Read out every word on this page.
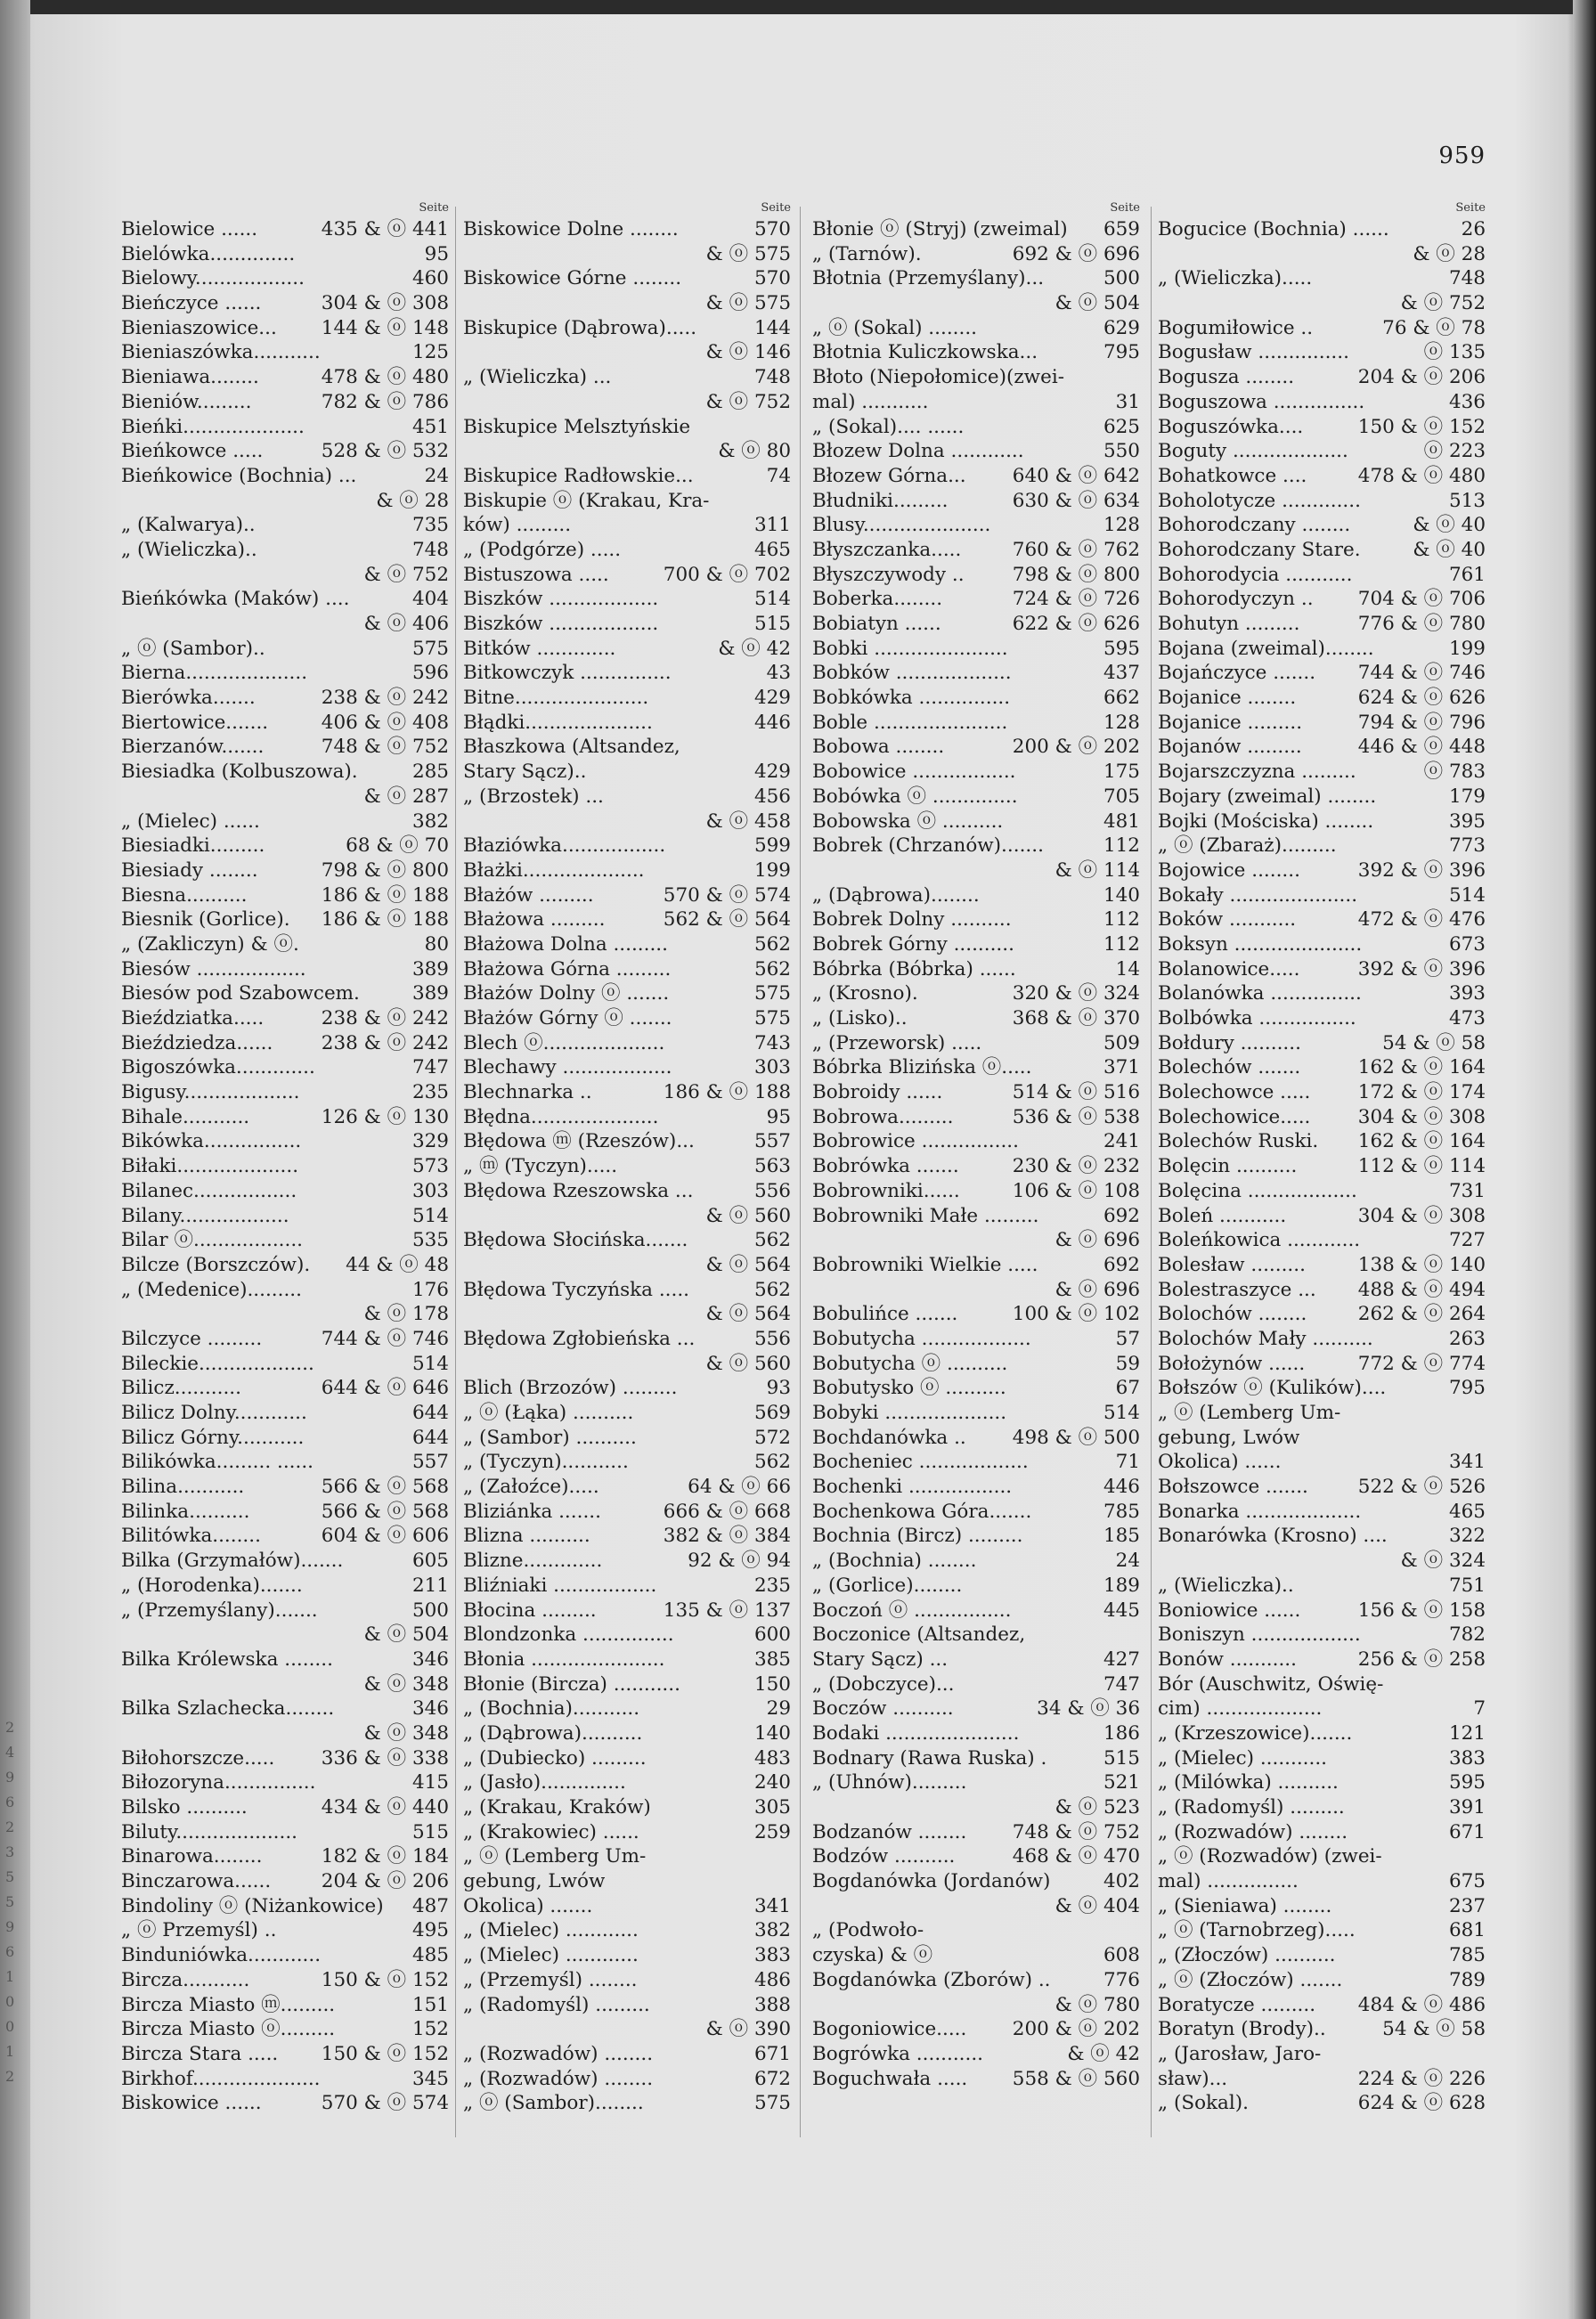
959
2
4
9
6
2
3
5
5
9
6
1
0
0
1
2
Seite
Bielowice ......	435 & ⓞ 441
Bielówka..............	95
Bielowy..................	460
Bieńczyce ......	304 & ⓞ 308
Bieniaszowice... 144 & ⓞ 148
Bieniaszówka...........	125
Bieniawa........	478 & ⓞ 480
Bieniów.........	782 & ⓞ 786
Bieńki....................	451
Bieńkowce .....	528 & ⓞ 532
Bieńkowice (Bochnia) ...	24
& ⓞ 28
„ (Kalwarya)..	735
„ (Wieliczka)..	748
& ⓞ 752
Bieńkówka (Maków) ....	404
& ⓞ 406
„ ⓞ (Sambor)..	575
Bierna....................	596
Bierówka.......	238 & ⓞ 242
Biertowice.......	406 & ⓞ 408
Bierzanów.......	748 & ⓞ 752
Biesiadka (Kolbuszowa).	285
& ⓞ 287
„ (Mielec) ......	382
Biesiadki.........	68 & ⓞ 70
Biesiady ........	798 & ⓞ 800
Biesna..........	186 & ⓞ 188
Biesnik (Gorlice). 186 & ⓞ 188
„ (Zakliczyn) & ⓞ.	80
Biesów ..................	389
Biesów pod Szabowcem.	389
Bieździatka.....	238 & ⓞ 242
Bieździedza......	238 & ⓞ 242
Bigoszówka.............	747
Bigusy...................	235
Bihale...........	126 & ⓞ 130
Bikówka................	329
Biłaki....................	573
Bilanec.................	303
Bilany..................	514
Bilar ⓞ..................	535
Bilcze (Borszczów). 44 & ⓞ 48
„ (Medenice).........	176
& ⓞ 178
Bilczyce .........	744 & ⓞ 746
Bileckie...................	514
Bilicz...........	644 & ⓞ 646
Bilicz Dolny............	644
Bilicz Górny...........	644
Bilikówka......... ......	557
Bilina...........	566 & ⓞ 568
Bilinka..........	566 & ⓞ 568
Bilitówka........	604 & ⓞ 606
Bilka (Grzymałów).......	605
„ (Horodenka).......	211
„ (Przemyślany).......	500
& ⓞ 504
Bilka Królewska ........	346
& ⓞ 348
Bilka Szlachecka........	346
& ⓞ 348
Biłohorszcze..... 336 & ⓞ 338
Biłozoryna...............	415
Bilsko ..........	434 & ⓞ 440
Biluty....................	515
Binarowa........	182 & ⓞ 184
Binczarowa......	204 & ⓞ 206
Bindoliny ⓞ (Niżankowice) 487
„ ⓞ Przemyśl) ..	495
Binduniówka............	485
Bircza...........	150 & ⓞ 152
Bircza Miasto ⓜ.........	151
Bircza Miasto ⓞ.........	152
Bircza Stara ..... 150 & ⓞ 152
Birkhof.....................	345
Biskowice ......	570 & ⓞ 574
Seite
Biskowice Dolne ........	570
& ⓞ 575
Biskowice Górne ........	570
& ⓞ 575
Biskupice (Dąbrowa).....	144
& ⓞ 146
„ (Wieliczka) ...	748
& ⓞ 752
Biskupice Melsztyńskie
& ⓞ 80
Biskupice Radłowskie...	74
Biskupie ⓞ (Krakau, Kra-
ków) .........	311
„ (Podgórze) .....	465
Bistuszowa .....	700 & ⓞ 702
Biszków ..................	514
Biszków ..................	515
Bitków .............	& ⓞ 42
Bitkowczyk ...............	43
Bitne......................	429
Błądki.....................	446
Błaszkowa (Altsandez,
Stary Sącz)..	429
„ (Brzostek) ...	456
& ⓞ 458
Błaziówka.................	599
Błażki....................	199
Błażów .........	570 & ⓞ 574
Błażowa .........	562 & ⓞ 564
Błażowa Dolna .........	562
Błażowa Górna .........	562
Błażów Dolny ⓞ .......	575
Błażów Górny ⓞ .......	575
Blech ⓞ....................	743
Blechawy ..................	303
Blechnarka ..	186 & ⓞ 188
Błędna.....................	95
Błędowa ⓜ (Rzeszów)...	557
„ ⓜ (Tyczyn).....	563
Błędowa Rzeszowska ...	556
& ⓞ 560
Błędowa Słocińska.......	562
& ⓞ 564
Błędowa Tyczyńska .....	562
& ⓞ 564
Błędowa Zgłobieńska ...	556
& ⓞ 560
Blich (Brzozów) .........	93
„ ⓞ (Łąka) ..........	569
„ (Sambor) ..........	572
„ (Tyczyn)...........	562
„ (Załoźce).....	64 & ⓞ 66
Bliziánka .......	666 & ⓞ 668
Blizna ..........	382 & ⓞ 384
Blizne.............	92 & ⓞ 94
Bliźniaki .................	235
Błocina .........	135 & ⓞ 137
Blondzonka ...............	600
Błonia ......................	385
Błonie (Bircza) ...........	150
„ (Bochnia)...........	29
„ (Dąbrowa)..........	140
„ (Dubiecko) .........	483
„ (Jasło)..............	240
„ (Krakau, Kraków)	305
„ (Krakowiec) ......	259
„ ⓞ (Lemberg Um-
gebung, Lwów
Okolica) .......	341
„ (Mielec) ............	382
„ (Mielec) ............	383
„ (Przemyśl) ........	486
„ (Radomyśl) .........	388
& ⓞ 390
„ (Rozwadów) ........	671
„ (Rozwadów) ........	672
„ ⓞ (Sambor)........	575
Seite
Błonie ⓞ (Stryj) (zweimal) 659
„ (Tarnów).	692 & ⓞ 696
Błotnia (Przemyślany)...	500
& ⓞ 504
„ ⓞ (Sokal) ........	629
Błotnia Kuliczkowska...	795
Błoto (Niepołomice)(zwei-
mal) ...........	31
„ (Sokal).... ......	625
Błozew Dolna ............	550
Błozew Górna... 640 & ⓞ 642
Błudniki.........	630 & ⓞ 634
Blusy.....................	128
Błyszczanka.....	760 & ⓞ 762
Błyszczywody ..	798 & ⓞ 800
Boberka........	724 & ⓞ 726
Bobiatyn ......	622 & ⓞ 626
Bobki ......................	595
Bobków ...................	437
Bobkówka ...............	662
Boble ......................	128
Bobowa ........	200 & ⓞ 202
Bobowice .................	175
Bobówka ⓞ ..............	705
Bobowska ⓞ ..........	481
Bobrek (Chrzanów).......	112
& ⓞ 114
„ (Dąbrowa)........	140
Bobrek Dolny ..........	112
Bobrek Górny ..........	112
Bóbrka (Bóbrka) ......	14
„ (Krosno).	320 & ⓞ 324
„ (Lisko)..	368 & ⓞ 370
„ (Przeworsk) .....	509
Bóbrka Blizińska ⓞ.....	371
Bobroidy ......	514 & ⓞ 516
Bobrowa.........	536 & ⓞ 538
Bobrowice ................	241
Bobrówka .......	230 & ⓞ 232
Bobrowniki......	106 & ⓞ 108
Bobrowniki Małe .........	692
& ⓞ 696
Bobrowniki Wielkie .....	692
& ⓞ 696
Bobulińce .......	100 & ⓞ 102
Bobutycha ..................	57
Bobutycha ⓞ ..........	59
Bobutysko ⓞ ..........	67
Bobyki ....................	514
Bochdanówka .. 498 & ⓞ 500
Bocheniec ..................	71
Bochenki .................	446
Bochenkowa Góra.......	785
Bochnia (Bircz) .........	185
„ (Bochnia) ........	24
„ (Gorlice)........	189
Boczoń ⓞ ................	445
Boczonice (Altsandez,
Stary Sącz) ...	427
„ (Dobczyce)...	747
Boczów ..........	34 & ⓞ 36
Bodaki ......................	186
Bodnary (Rawa Ruska) .	515
„ (Uhnów).........	521
& ⓞ 523
Bodzanów ........ 748 & ⓞ 752
Bodzów ..........	468 & ⓞ 470
Bogdanówka (Jordanów)	402
& ⓞ 404
„ (Podwoło-
czyska) & ⓞ	608
Bogdanówka (Zborów) ..	776
& ⓞ 780
Bogoniowice..... 200 & ⓞ 202
Bogrówka ...........	& ⓞ 42
Boguchwała ..... 558 & ⓞ 560
Seite
Bogucice (Bochnia) ......	26
& ⓞ 28
„ (Wieliczka).....	748
& ⓞ 752
Bogumiłowice ..	76 & ⓞ 78
Bogusław ...............	ⓞ 135
Bogusza ........	204 & ⓞ 206
Boguszowa ...............	436
Boguszówka....	150 & ⓞ 152
Boguty ...................	ⓞ 223
Bohatkowce ....	478 & ⓞ 480
Boholotycze .............	513
Bohorodczany ........	& ⓞ 40
Bohorodczany Stare.	& ⓞ 40
Bohorodycia ...........	761
Bohorodyczyn .. 704 & ⓞ 706
Bohutyn .........	776 & ⓞ 780
Bojana (zweimal)........	199
Bojańczyce ....... 744 & ⓞ 746
Bojanice ........	624 & ⓞ 626
Bojanice .........	794 & ⓞ 796
Bojanów .........	446 & ⓞ 448
Bojarszczyzna .........	ⓞ 783
Bojary (zweimal) ........	179
Bojki (Mościska) ........	395
„ ⓞ (Zbaraż).........	773
Bojowice ........	392 & ⓞ 396
Bokały .....................	514
Boków ...........	472 & ⓞ 476
Boksyn .....................	673
Bolanowice.....	392 & ⓞ 396
Bolanówka ...............	393
Bolbówka ................	473
Bołdury ..........	54 & ⓞ 58
Bolechów .......	162 & ⓞ 164
Bolechowce ..... 172 & ⓞ 174
Bolechowice..... 304 & ⓞ 308
Bolechów Ruski. 162 & ⓞ 164
Bolęcin ..........	112 & ⓞ 114
Bolęcina ..................	731
Boleń ...........	304 & ⓞ 308
Boleńkowica ............	727
Bolesław .........	138 & ⓞ 140
Bolestraszyce ... 488 & ⓞ 494
Bolochów ........	262 & ⓞ 264
Bolochów Mały ..........	263
Bołożynów ......	772 & ⓞ 774
Bołszów ⓞ (Kulików)....	795
„ ⓞ (Lemberg Um-
gebung, Lwów
Okolica) ......	341
Bołszowce .......	522 & ⓞ 526
Bonarka ...................	465
Bonarówka (Krosno) ....	322
& ⓞ 324
„ (Wieliczka)..	751
Boniowice ......	156 & ⓞ 158
Boniszyn ..................	782
Bonów ...........	256 & ⓞ 258
Bór (Auschwitz, Oświę-
cim) ...................	7
„ (Krzeszowice).......	121
„ (Mielec) ...........	383
„ (Milówka) ..........	595
„ (Radomyśl) .........	391
„ (Rozwadów) ........	671
„ ⓞ (Rozwadów) (zwei-
mal) ...............	675
„ (Sieniawa) ........	237
„ ⓞ (Tarnobrzeg).....	681
„ (Złoczów) ..........	785
„ ⓞ (Złoczów) .......	789
Boratycze ......... 484 & ⓞ 486
Boratyn (Brody)..	54 & ⓞ 58
„ (Jarosław, Jaro-
sław)...	224 & ⓞ 226
„ (Sokal).	624 & ⓞ 628
